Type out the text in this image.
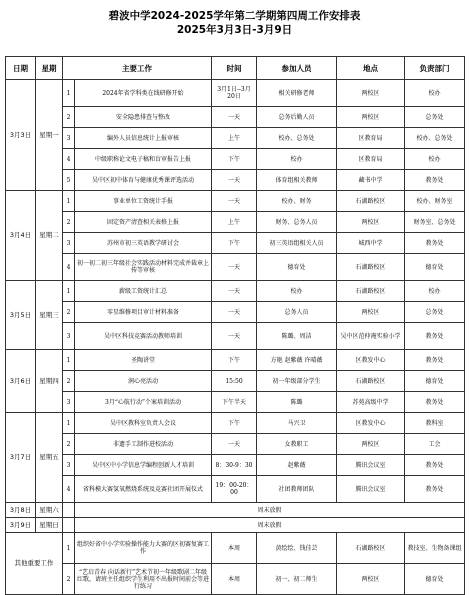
碧波中学2024-2025学年第二学期第四周工作安排表
2025年3月3日-3月9日
日期	星期	主要工作		时间	参加人员	地点	负责部门
3月3日	星期一	1	2024年省学科类在线研修开始	3月1日--3月20日	相关研修老师	两校区	校办
		2	安全隐患排查与整改	一天	总务后勤人员	两校区	总务处
		3	编外人员信息统计上报审核	上午	校办、总务处	区教育局	校办、总务处
		4	中级职称论文电子稿和盲审报告上报	下午	校办	区教育局	校办
		5	吴中区初中体育与健康优秀课评选活动	一天	体育组相关教师	藏书中学	教务处
3月4日	星期二	1	事业单位工资统计手报	一天	校办、财务	石湖路校区	校办、财务室
		2	固定资产清查相关表格上报	上午	财务、总务人员	两校区	财务室、总务处
		3	苏州市初三英语教学研讨会	下午	初三英语组相关人员	城西中学	教务处
		4	初一初二初三年级社会实践活动材料完成并裁章上传等审核	一天	德育处	石湖路校区	德育处
3月5日	星期三	1	薪级工资统计汇总	一天	校办	石湖路校区	校办
		2	零星维修项目审计材料准备	一天	总务人员	两校区	总务处
		3	吴中区科技竞赛活动教师培训	一天	陈璐、周洁	吴中区范仲淹实验小学	教务处
3月6日	星期四	1	圣陶讲堂	下午	方艳 赵紫薇 许晴薇	区教发中心	教务处
		2	润心亮活动	15:50	初一年级部分学生	石湖路校区	德育处
		3	3月“心航行动”个案培训活动	下午半天	陈璐	苏苑高级中学	教务处
3月7日	星期五	1	吴中区教科室负责人会议	下午	马兴卫	区教发中心	教科室
		2	非遗手工制作进校活动	一天	女教职工	两校区	工会
		3	吴中区中小学信息学编程创新人才培训	8：30-9：30	赵紫薇	腾讯会议室	教务处
		4	省科模大赛氢氧燃烧系统及竞赛社团开展仪式	19：00-20：00	社团教师团队	腾讯会议室	教务处
3月8日	星期六		周末放假				
3月9日	星期日		周末放假				
其他重要工作		1	组织好省中小学实验操作能力大赛的区初赛复赛工作	本周	黄绘绘、钱佳芸	石湖路校区	教技室、生物备课组
		2	“艺启青春 向话新行”艺术节初一年级歌剧二年级红歌，请班主任组织学生利用不出报时间前会等进行练习	本周	初一、初二师生	两校区	德育处
